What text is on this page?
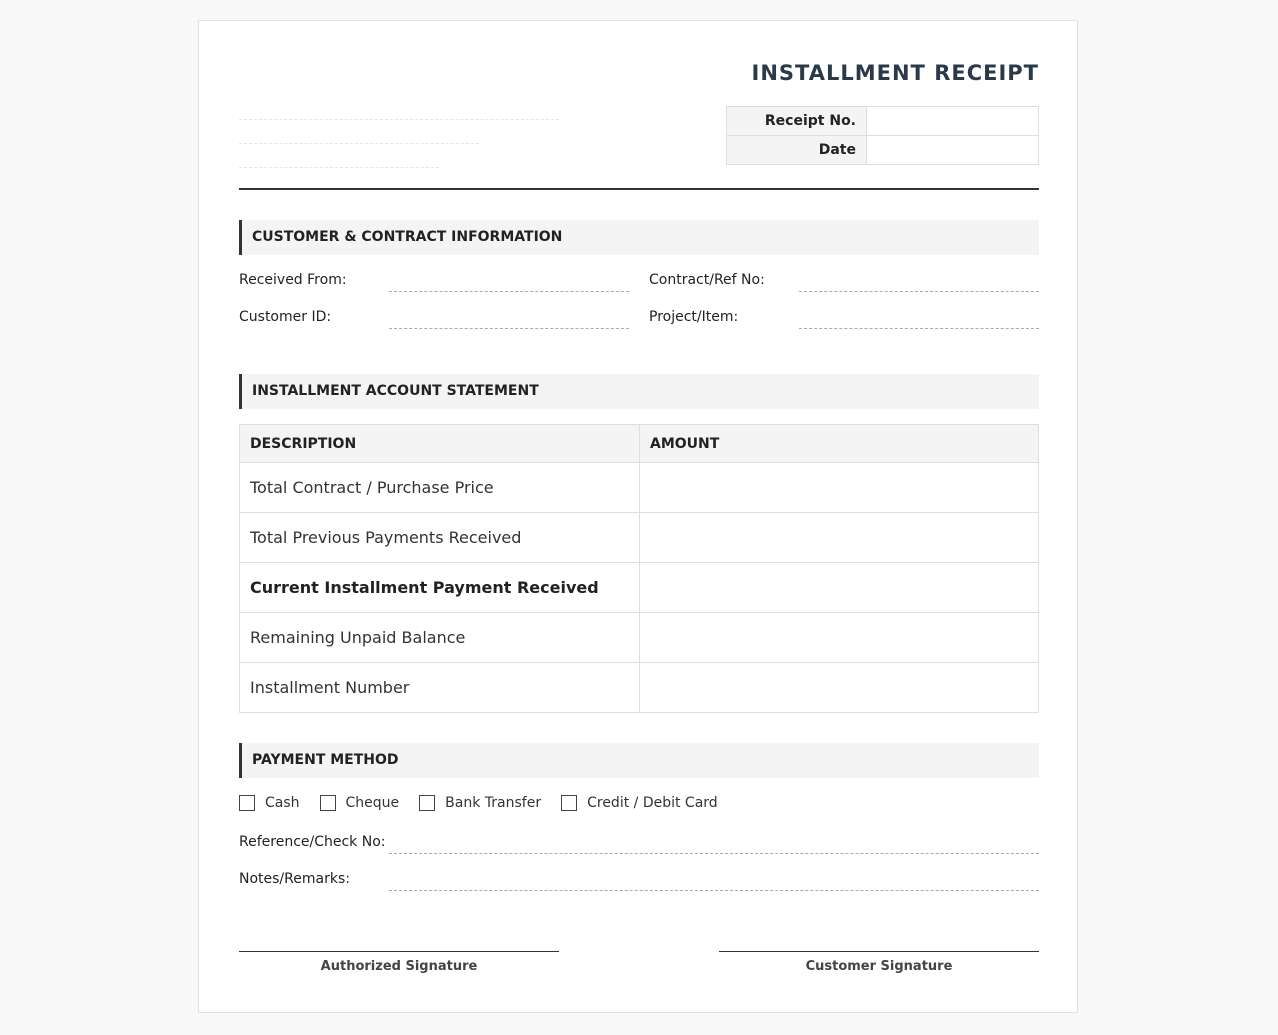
INSTALLMENT RECEIPT
Receipt No.	
Date	
CUSTOMER & CONTRACT INFORMATION
Received From:	Contract/Ref No:
Customer ID:	Project/Item:
INSTALLMENT ACCOUNT STATEMENT
DESCRIPTION	AMOUNT
Total Contract / Purchase Price	
Total Previous Payments Received	
Current Installment Payment Received	
Remaining Unpaid Balance	
Installment Number	
PAYMENT METHOD
Cash	Cheque	Bank Transfer	Credit / Debit Card
Reference/Check No:
Notes/Remarks:
Authorized Signature	Customer Signature
